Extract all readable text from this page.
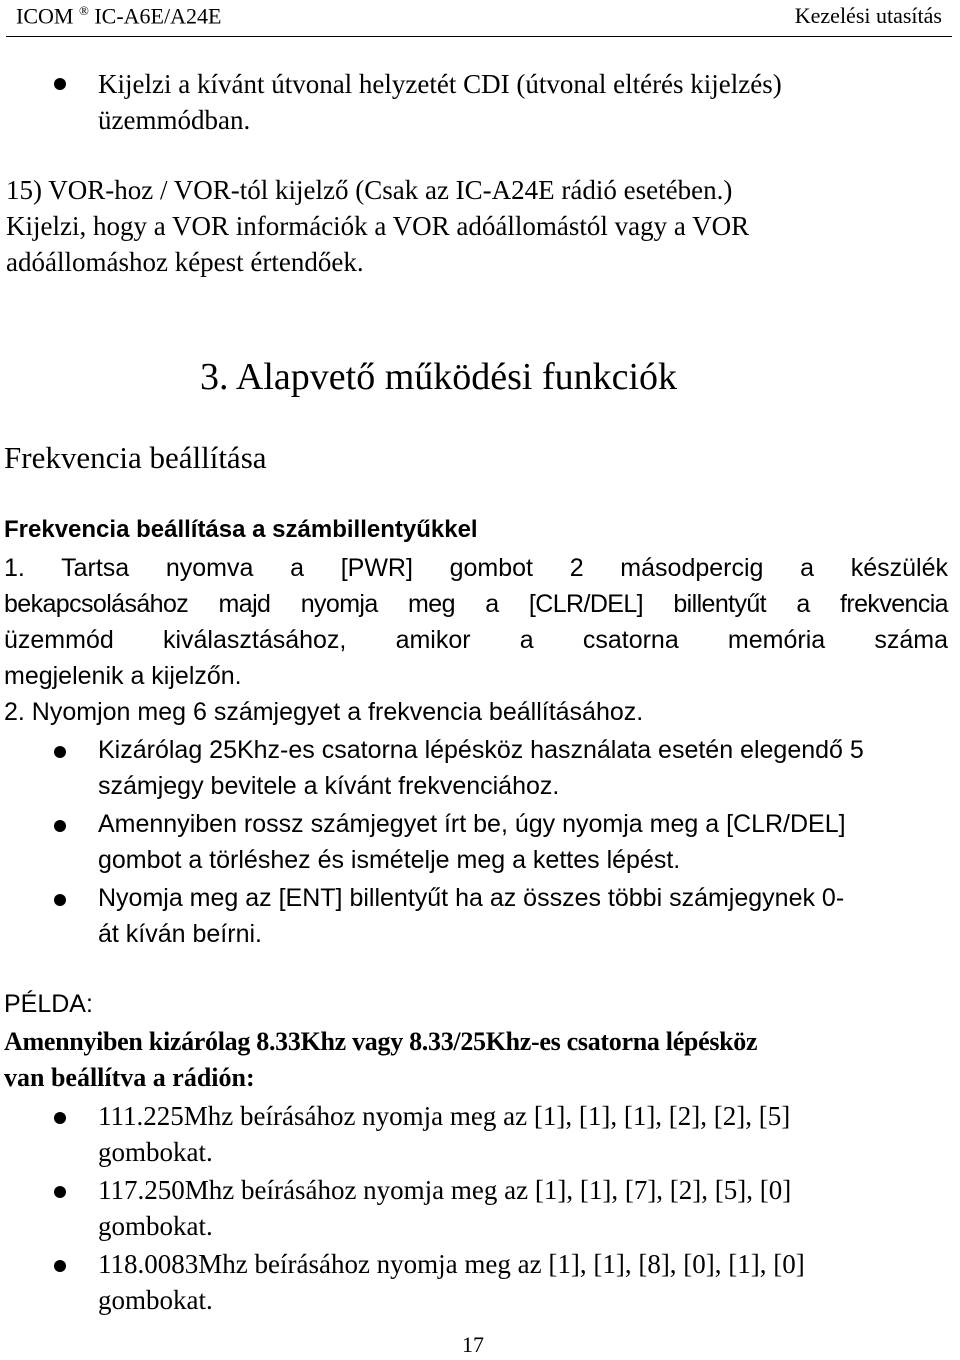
ICOM ® IC-A6E/A24E	Kezelési utasítás
Kijelzi a kívánt útvonal helyzetét CDI (útvonal eltérés kijelzés)
üzemmódban.
15) VOR-hoz / VOR-tól kijelző (Csak az IC-A24E rádió esetében.)
Kijelzi, hogy a VOR információk a VOR adóállomástól vagy a VOR
adóállomáshoz képest értendőek.
3. Alapvető működési funkciók
Frekvencia beállítása
Frekvencia beállítása a számbillentyűkkel
1. Tartsa nyomva a [PWR] gombot 2 másodpercig a készülék
bekapcsolásához majd nyomja meg a [CLR/DEL] billentyűt a frekvencia
üzemmód kiválasztásához, amikor a csatorna memória száma
megjelenik a kijelzőn.
2. Nyomjon meg 6 számjegyet a frekvencia beállításához.
Kizárólag 25Khz-es csatorna lépésköz használata esetén elegendő 5
számjegy bevitele a kívánt frekvenciához.
Amennyiben rossz számjegyet írt be, úgy nyomja meg a [CLR/DEL]
gombot a törléshez és ismételje meg a kettes lépést.
Nyomja meg az [ENT] billentyűt ha az összes többi számjegynek 0-
át kíván beírni.
PÉLDA:
Amennyiben kizárólag 8.33Khz vagy 8.33/25Khz-es csatorna lépésköz
van beállítva a rádión:
111.225Mhz beírásához nyomja meg az [1], [1], [1], [2], [2], [5]
gombokat.
117.250Mhz beírásához nyomja meg az [1], [1], [7], [2], [5], [0]
gombokat.
118.0083Mhz beírásához nyomja meg az [1], [1], [8], [0], [1], [0]
gombokat.
17
